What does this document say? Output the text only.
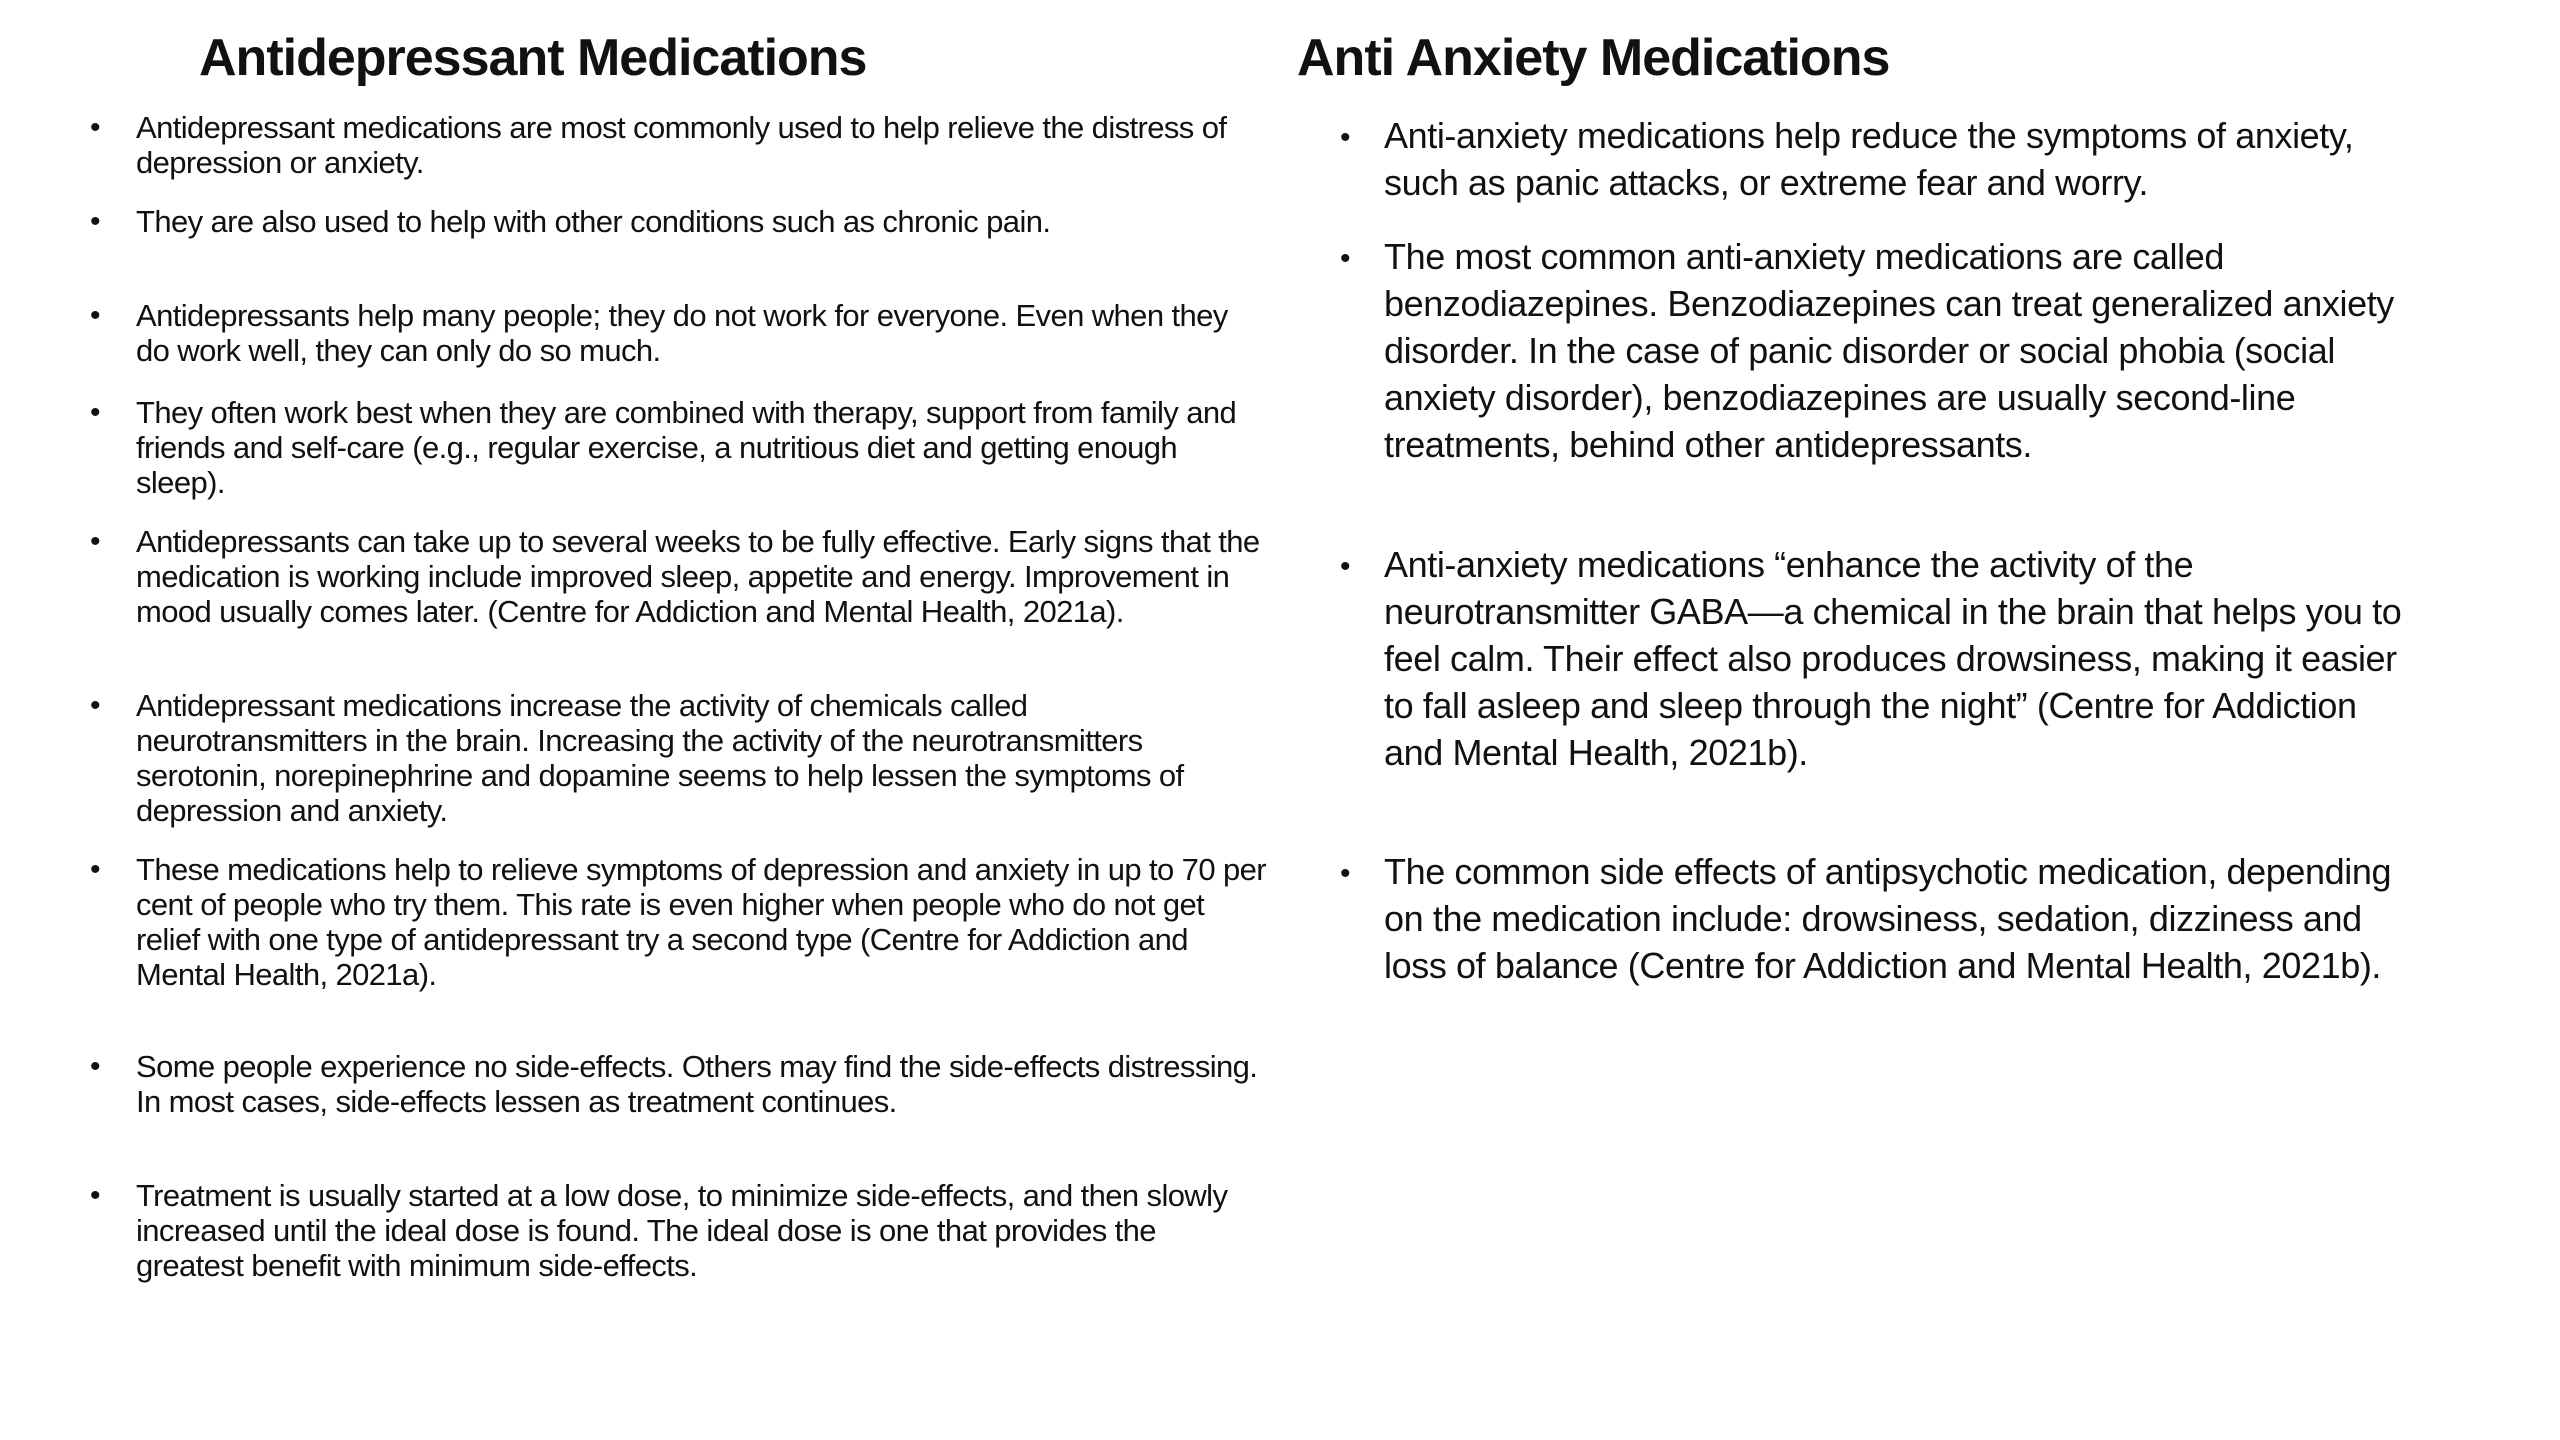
Antidepressant Medications	Anti Anxiety Medications
• Antidepressant medications are most commonly used to help relieve the distress of depression or anxiety.
• They are also used to help with other conditions such as chronic pain.
• Antidepressants help many people; they do not work for everyone. Even when they do work well, they can only do so much.
• They often work best when they are combined with therapy, support from family and friends and self-care (e.g., regular exercise, a nutritious diet and getting enough sleep).
• Antidepressants can take up to several weeks to be fully effective. Early signs that the medication is working include improved sleep, appetite and energy. Improvement in mood usually comes later. (Centre for Addiction and Mental Health, 2021a).
• Antidepressant medications increase the activity of chemicals called neurotransmitters in the brain. Increasing the activity of the neurotransmitters serotonin, norepinephrine and dopamine seems to help lessen the symptoms of depression and anxiety.
• These medications help to relieve symptoms of depression and anxiety in up to 70 per cent of people who try them. This rate is even higher when people who do not get relief with one type of antidepressant try a second type (Centre for Addiction and Mental Health, 2021a).
• Some people experience no side-effects. Others may find the side-effects distressing. In most cases, side-effects lessen as treatment continues.
• Treatment is usually started at a low dose, to minimize side-effects, and then slowly increased until the ideal dose is found. The ideal dose is one that provides the greatest benefit with minimum side-effects.
• Anti-anxiety medications help reduce the symptoms of anxiety, such as panic attacks, or extreme fear and worry.
• The most common anti-anxiety medications are called benzodiazepines. Benzodiazepines can treat generalized anxiety disorder. In the case of panic disorder or social phobia (social anxiety disorder), benzodiazepines are usually second-line treatments, behind other antidepressants.
• Anti-anxiety medications “enhance the activity of the neurotransmitter GABA—a chemical in the brain that helps you to feel calm. Their effect also produces drowsiness, making it easier to fall asleep and sleep through the night” (Centre for Addiction and Mental Health, 2021b).
• The common side effects of antipsychotic medication, depending on the medication include: drowsiness, sedation, dizziness and loss of balance (Centre for Addiction and Mental Health, 2021b).
